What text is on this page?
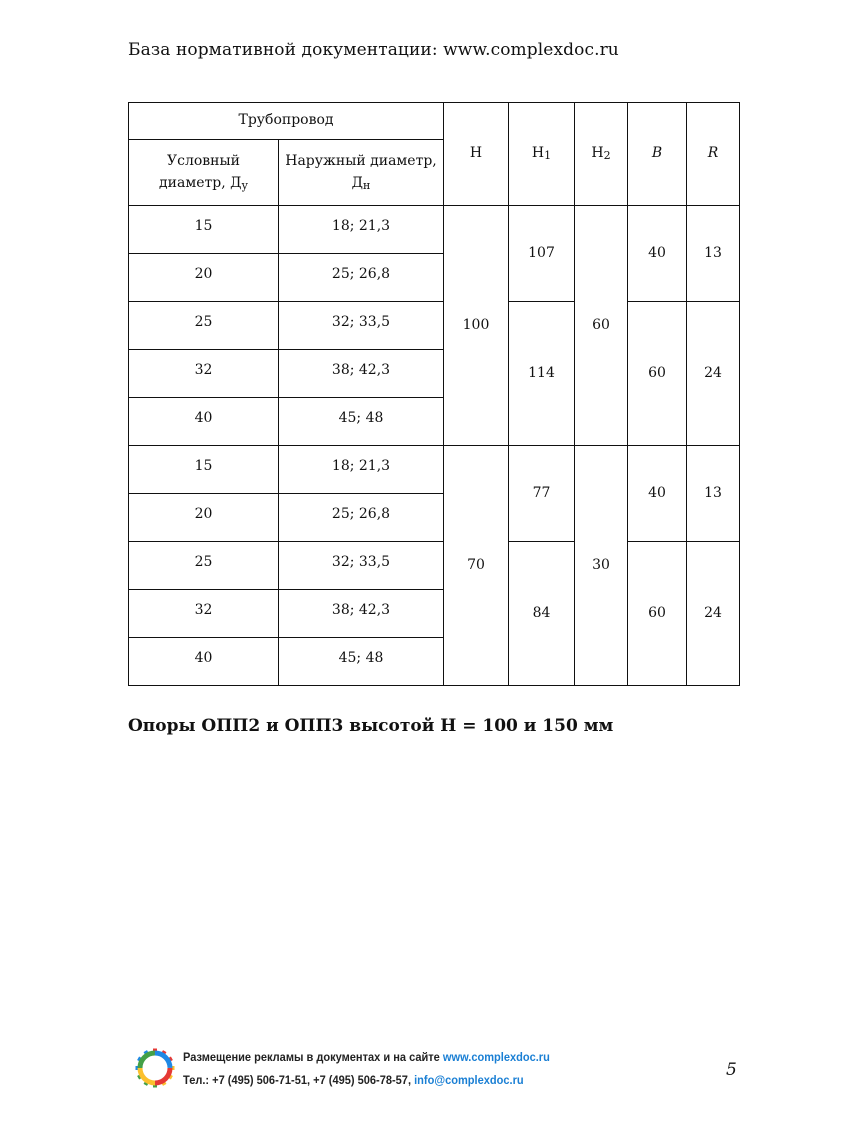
База нормативной документации: www.complexdoc.ru
Трубопровод		H	H1	H2	B	R
Условный
диаметр, Ду	Наружный диаметр,
Дн					
15	18; 21,3	100	107	60	40	13
20	25; 26,8					
25	32; 33,5		114		60	24
32	38; 42,3					
40	45; 48					
15	18; 21,3	70	77	30	40	13
20	25; 26,8					
25	32; 33,5		84		60	24
32	38; 42,3					
40	45; 48					
Опоры ОПП2 и ОПП3 высотой H = 100 и 150 мм
Размещение рекламы в документах и на сайте www.complexdoc.ru
Тел.: +7 (495) 506-71-51, +7 (495) 506-78-57, info@complexdoc.ru	5
